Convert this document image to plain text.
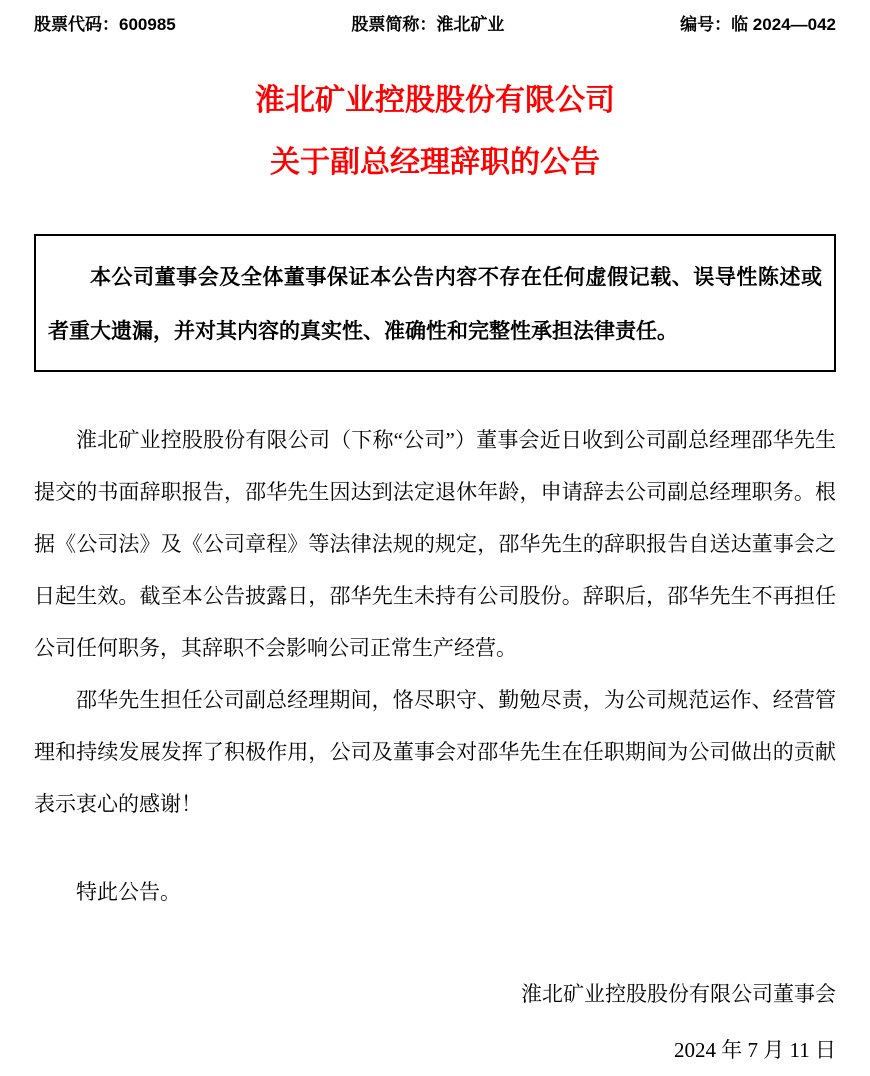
股票代码：600985	股票简称：淮北矿业	编号：临 2024—042
淮北矿业控股股份有限公司
关于副总经理辞职的公告

本公司董事会及全体董事保证本公告内容不存在任何虚假记载、误导性陈述或者重大遗漏，并对其内容的真实性、准确性和完整性承担法律责任。

淮北矿业控股股份有限公司（下称“公司”）董事会近日收到公司副总经理邵华先生提交的书面辞职报告，邵华先生因达到法定退休年龄，申请辞去公司副总经理职务。根据《公司法》及《公司章程》等法律法规的规定，邵华先生的辞职报告自送达董事会之日起生效。截至本公告披露日，邵华先生未持有公司股份。辞职后，邵华先生不再担任公司任何职务，其辞职不会影响公司正常生产经营。

邵华先生担任公司副总经理期间，恪尽职守、勤勉尽责，为公司规范运作、经营管理和持续发展发挥了积极作用，公司及董事会对邵华先生在任职期间为公司做出的贡献表示衷心的感谢！

特此公告。

淮北矿业控股股份有限公司董事会

2024 年 7 月 11 日
